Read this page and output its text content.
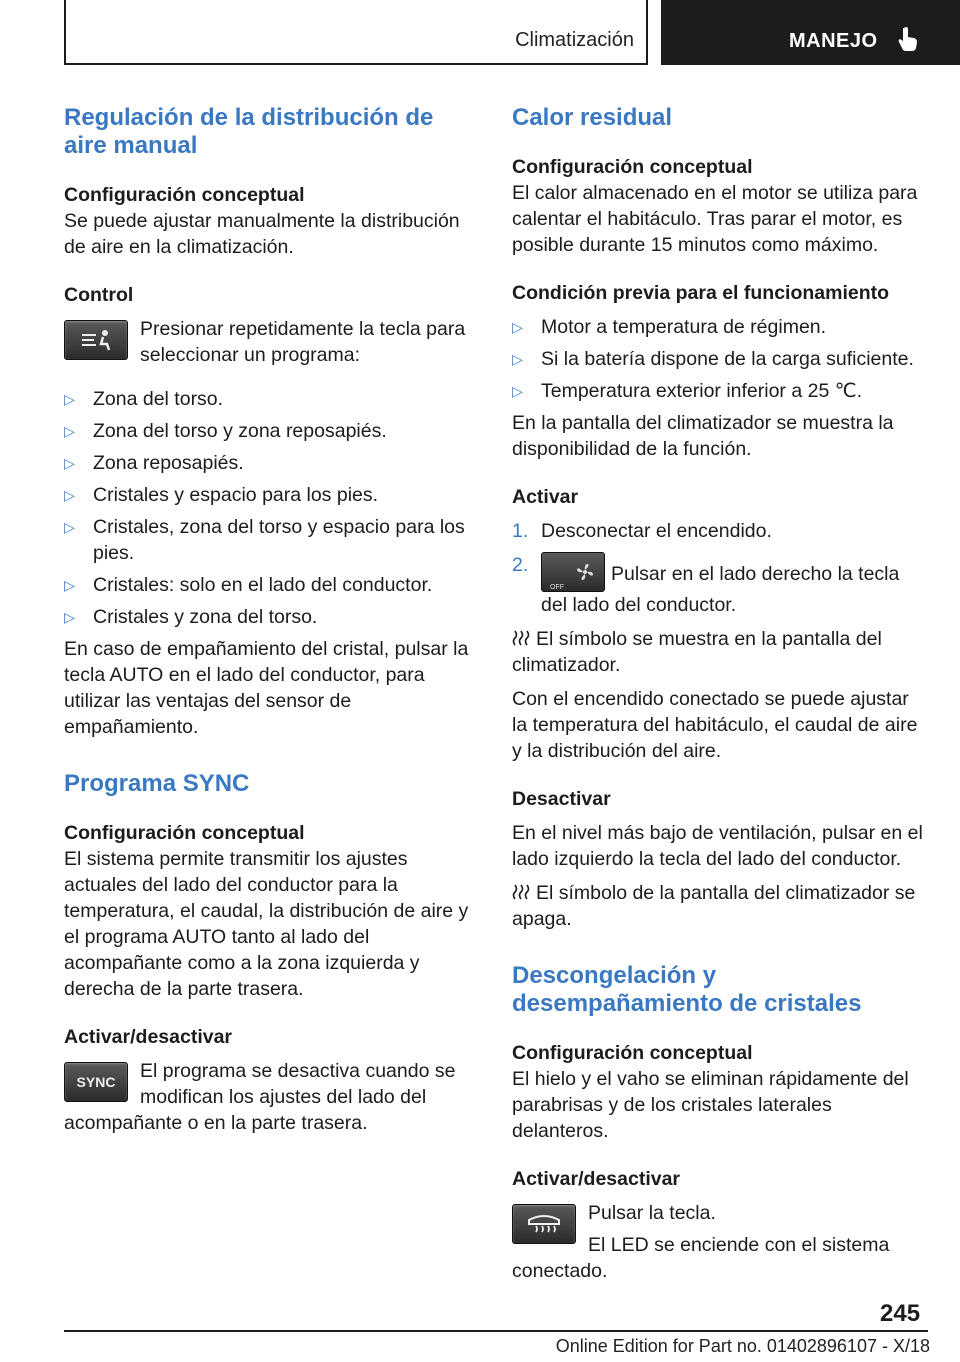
Climatización	MANEJO
Regulación de la distribución de aire manual
Configuración conceptual

Se puede ajustar manualmente la distribución de aire en la climatización.

Control

Presionar repetidamente la tecla para seleccionar un programa:

▷ Zona del torso.
▷ Zona del torso y zona reposapiés.
▷ Zona reposapiés.
▷ Cristales y espacio para los pies.
▷ Cristales, zona del torso y espacio para los pies.
▷ Cristales: solo en el lado del conductor.
▷ Cristales y zona del torso.

En caso de empañamiento del cristal, pulsar la tecla AUTO en el lado del conductor, para utilizar las ventajas del sensor de empañamiento.

Programa SYNC
Configuración conceptual

El sistema permite transmitir los ajustes actuales del lado del conductor para la temperatura, el caudal, la distribución de aire y el programa AUTO tanto al lado del acompañante como a la zona izquierda y derecha de la parte trasera.

Activar/desactivar
SYNC	El programa se desactiva cuando se modifican los ajustes del lado del acompañante o en la parte trasera.

Calor residual
Configuración conceptual

El calor almacenado en el motor se utiliza para calentar el habitáculo. Tras parar el motor, es posible durante 15 minutos como máximo.

Condición previa para el funcionamiento
▷ Motor a temperatura de régimen.
▷ Si la batería dispone de la carga suficiente.
▷ Temperatura exterior inferior a 25 ℃.

En la pantalla del climatizador se muestra la disponibilidad de la función.

Activar
1. Desconectar el encendido.
2.
OFF
Pulsar en el lado derecho la tecla del lado del conductor.

El símbolo se muestra en la pantalla del climatizador.

Con el encendido conectado se puede ajustar la temperatura del habitáculo, el caudal de aire y la distribución del aire.

Desactivar

En el nivel más bajo de ventilación, pulsar en el lado izquierdo la tecla del lado del conductor.

El símbolo de la pantalla del climatizador se apaga.

Descongelación y desempañamiento de cristales
Configuración conceptual

El hielo y el vaho se eliminan rápidamente del parabrisas y de los cristales laterales delanteros.

Activar/desactivar

Pulsar la tecla.

El LED se enciende con el sistema conectado.

245
Online Edition for Part no. 01402896107 - X/18
